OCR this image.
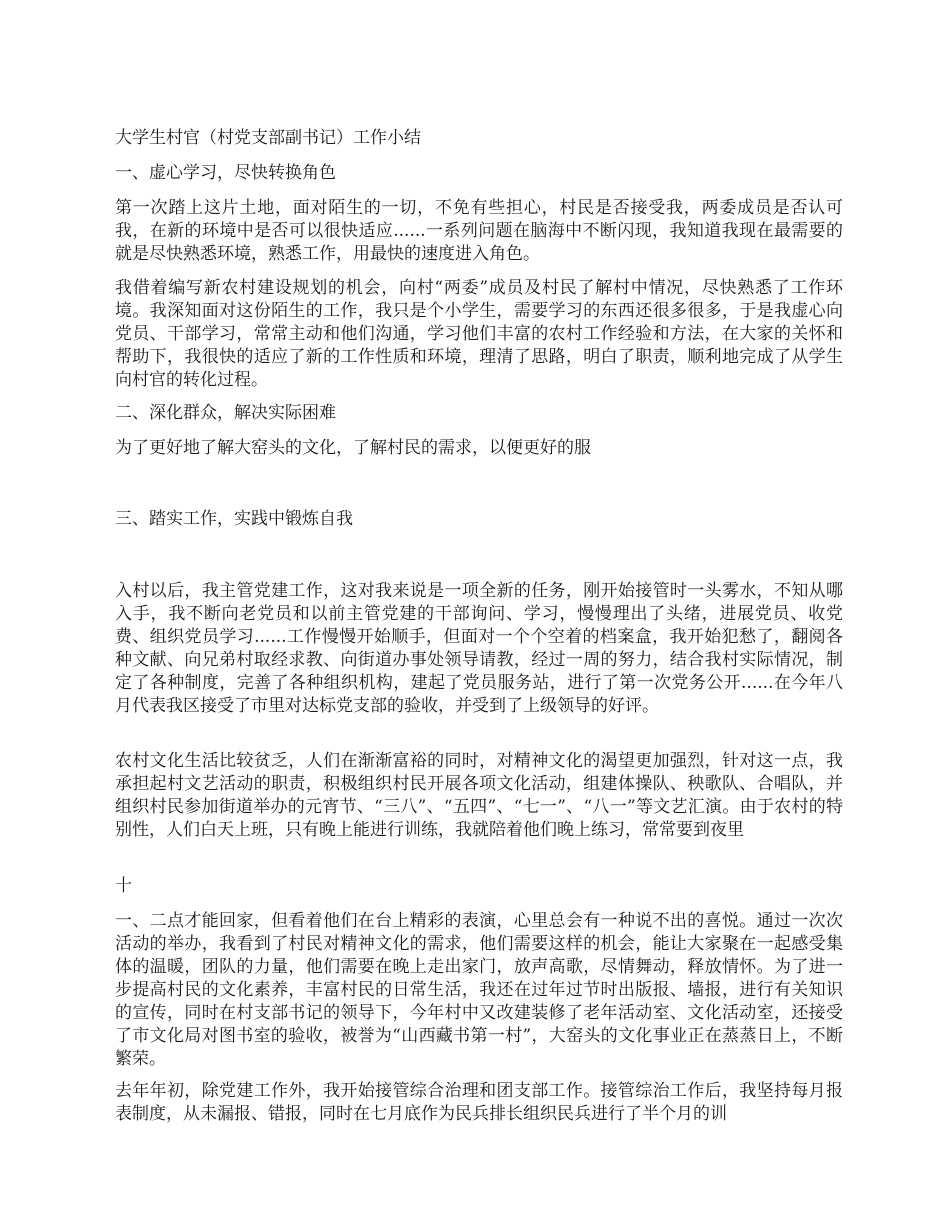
大学生村官（村党支部副书记）工作小结
一、虚心学习，尽快转换角色
第一次踏上这片土地，面对陌生的一切，不免有些担心，村民是否接受我，两委成员是否认可我，在新的环境中是否可以很快适应......一系列问题在脑海中不断闪现，我知道我现在最需要的就是尽快熟悉环境，熟悉工作，用最快的速度进入角色。
我借着编写新农村建设规划的机会，向村“两委”成员及村民了解村中情况，尽快熟悉了工作环境。我深知面对这份陌生的工作，我只是个小学生，需要学习的东西还很多很多，于是我虚心向党员、干部学习，常常主动和他们沟通，学习他们丰富的农村工作经验和方法，在大家的关怀和帮助下，我很快的适应了新的工作性质和环境，理清了思路，明白了职责，顺利地完成了从学生向村官的转化过程。
二、深化群众，解决实际困难
为了更好地了解大窑头的文化，了解村民的需求，以便更好的服
三、踏实工作，实践中锻炼自我
入村以后，我主管党建工作，这对我来说是一项全新的任务，刚开始接管时一头雾水，不知从哪入手，我不断向老党员和以前主管党建的干部询问、学习，慢慢理出了头绪，进展党员、收党费、组织党员学习......工作慢慢开始顺手，但面对一个个空着的档案盒，我开始犯愁了，翻阅各种文献、向兄弟村取经求教、向街道办事处领导请教，经过一周的努力，结合我村实际情况，制定了各种制度，完善了各种组织机构，建起了党员服务站，进行了第一次党务公开......在今年八月代表我区接受了市里对达标党支部的验收，并受到了上级领导的好评。
农村文化生活比较贫乏，人们在渐渐富裕的同时，对精神文化的渴望更加强烈，针对这一点，我承担起村文艺活动的职责，积极组织村民开展各项文化活动，组建体操队、秧歌队、合唱队，并组织村民参加街道举办的元宵节、“三八”、“五四”、“七一”、“八一”等文艺汇演。由于农村的特别性，人们白天上班，只有晚上能进行训练，我就陪着他们晚上练习，常常要到夜里
十
一、二点才能回家，但看着他们在台上精彩的表演，心里总会有一种说不出的喜悦。通过一次次活动的举办，我看到了村民对精神文化的需求，他们需要这样的机会，能让大家聚在一起感受集体的温暖，团队的力量，他们需要在晚上走出家门，放声高歌，尽情舞动，释放情怀。为了进一步提高村民的文化素养，丰富村民的日常生活，我还在过年过节时出版报、墙报，进行有关知识的宣传，同时在村支部书记的领导下，今年村中又改建装修了老年活动室、文化活动室，还接受了市文化局对图书室的验收，被誉为“山西藏书第一村”，大窑头的文化事业正在蒸蒸日上，不断繁荣。
去年年初，除党建工作外，我开始接管综合治理和团支部工作。接管综治工作后，我坚持每月报表制度，从未漏报、错报，同时在七月底作为民兵排长组织民兵进行了半个月的训
